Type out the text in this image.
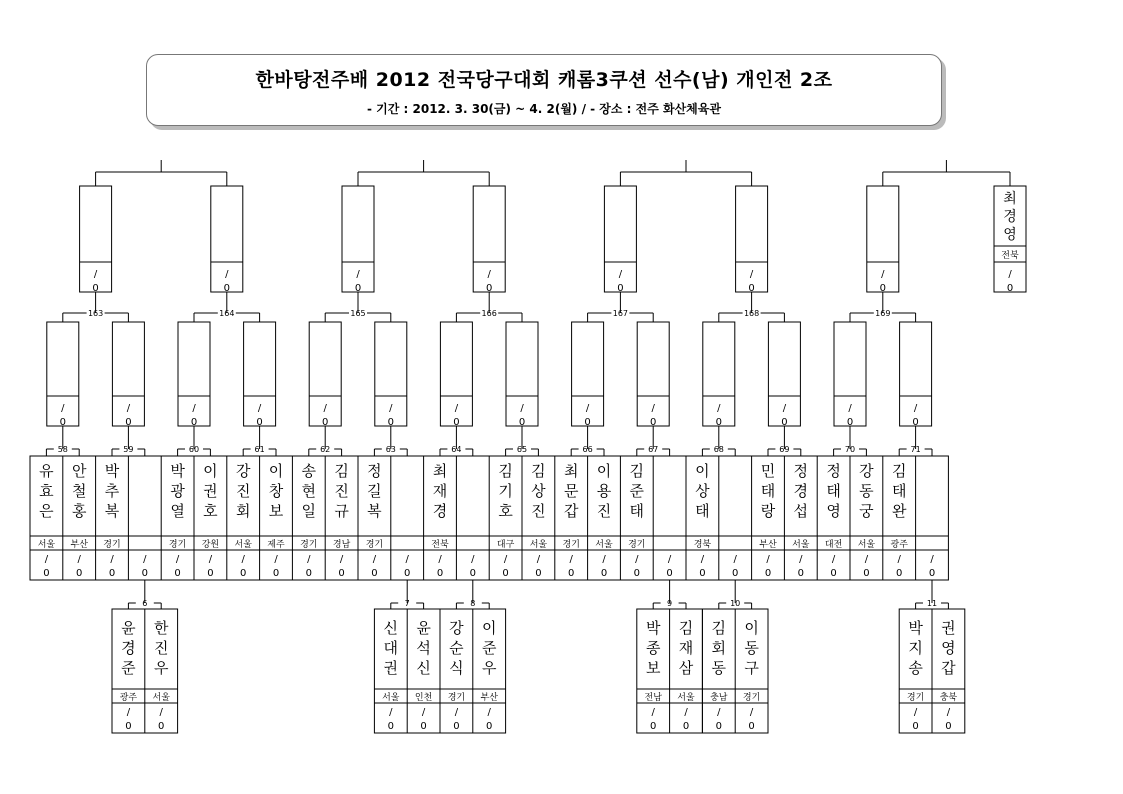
한바탕전주배 2012 전국당구대회 캐롬3쿠션 선수(남) 개인전 2조
- 기간 : 2012. 3. 30(금) ~ 4. 2(월) / - 장소 : 전주 화산체육관
유 효 은
서울
/
0
안 철 홍
부산
/
0
박 추 복
경기
/
0
/
0
박 광 열
경기
/
0
이 권 호
강원
/
0
강 진 회
서울
/
0
이 창 보
제주
/
0
송 현 일
경기
/
0
김 진 규
경남
/
0
정 길 복
경기
/
0
/
0
최 재 경
전북
/
0
/
0
김 기 호
대구
/
0
김 상 진
서울
/
0
최 문 갑
경기
/
0
이 용 진
서울
/
0
김 준 태
경기
/
0
/
0
이 상 태
경북
/
0
/
0
민 태 랑
부산
/
0
정 경 섭
서울
/
0
정 태 영
대전
/
0
강 동 궁
서울
/
0
김 태 완
광주
/
0
/
0
58	59	60	61	62	63	64	65	66	67	68	69	70	71
/
0
/
0
/
0
/
0
/
0
/
0
/
0
/
0
/
0
/
0
/
0
/
0
/
0
/
0
163	164	165	166	167	168	169
/
0
/
0
/
0
/
0
/
0
/
0
/
0
최 경 영
전북
/
0
윤 경 준
광주
/
0
한 진 우
서울
/
0
6
신 대 권
서울
/
0
윤 석 신
인천
/
0
7
강 순 식
경기
/
0
이 준 우
부산
/
0
8
박 종 보
전남
/
0
김 재 삼
서울
/
0
9
김 회 동
충남
/
0
이 동 구
경기
/
0
10
박 지 송
경기
/
0
권 영 갑
충북
/
0
11
